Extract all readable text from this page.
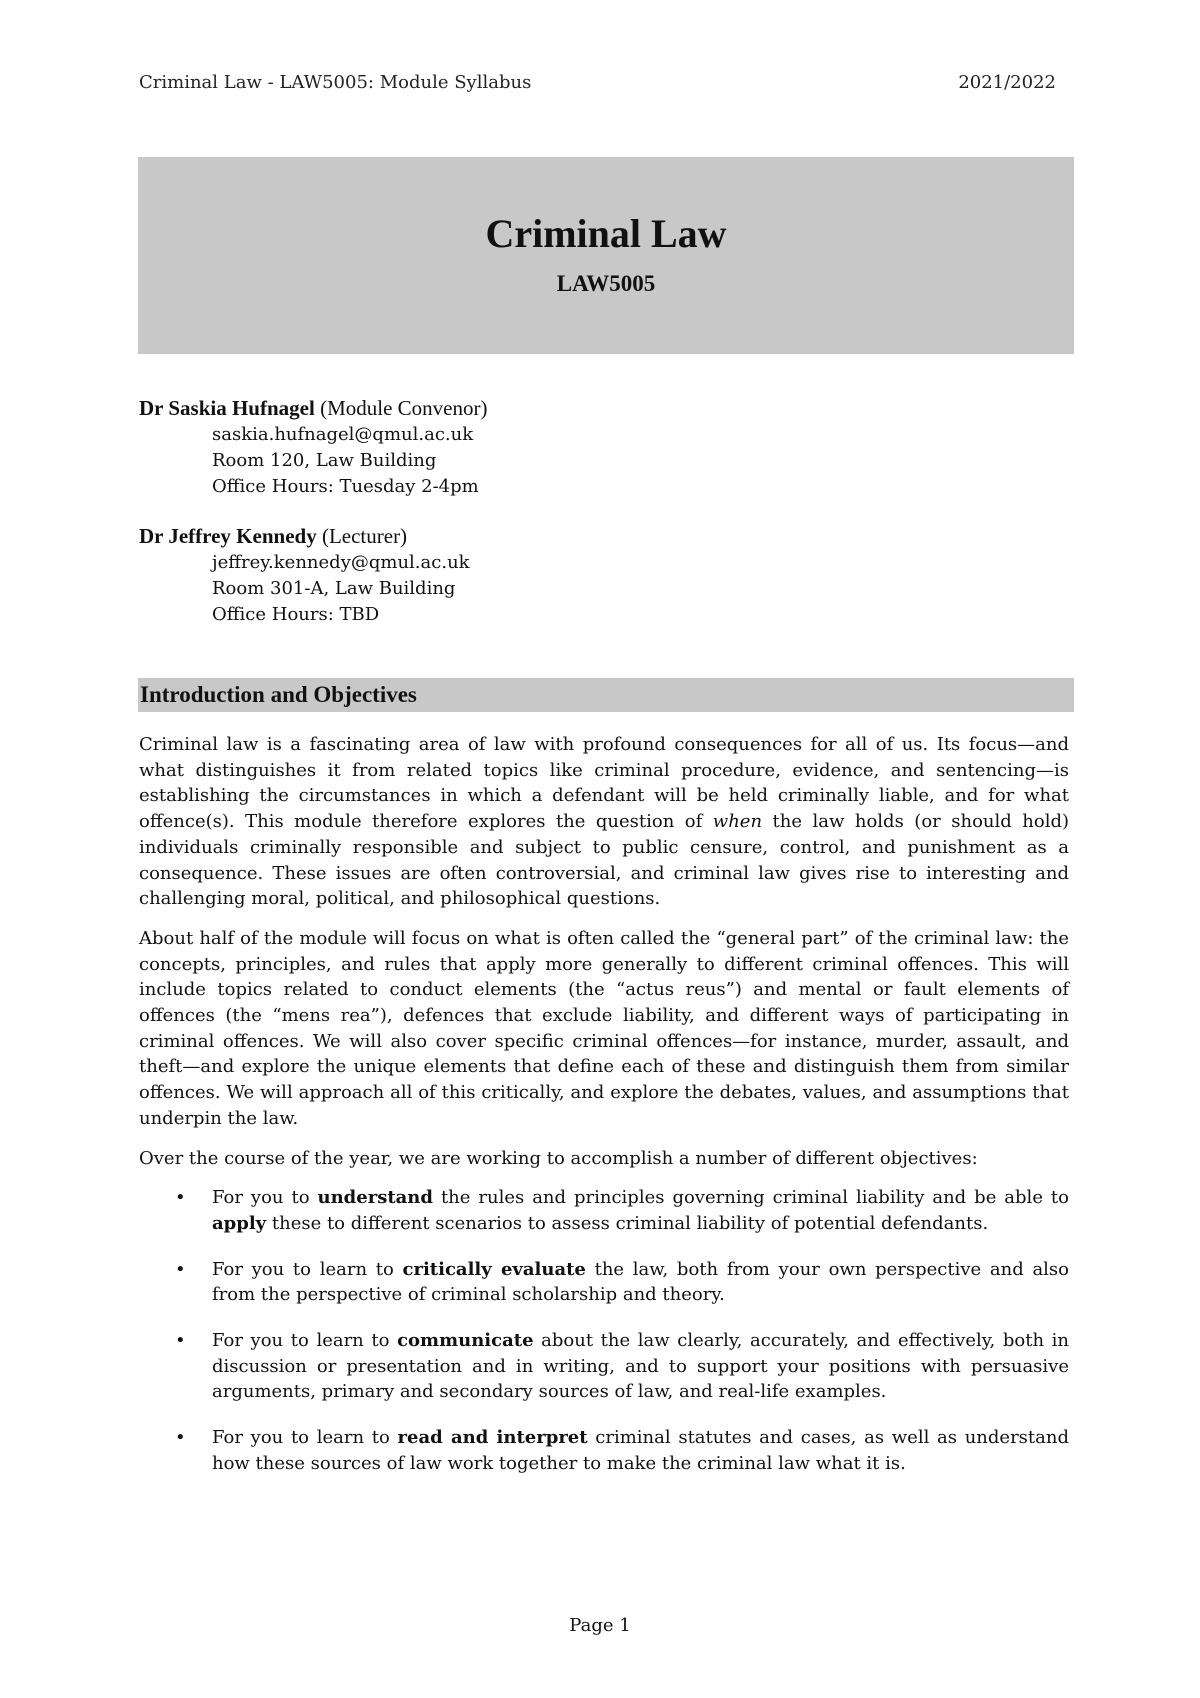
Criminal Law - LAW5005: Module Syllabus	2021/2022
Criminal Law
LAW5005
Dr Saskia Hufnagel (Module Convenor)
saskia.hufnagel@qmul.ac.uk
Room 120, Law Building
Office Hours: Tuesday 2-4pm
Dr Jeffrey Kennedy (Lecturer)
jeffrey.kennedy@qmul.ac.uk
Room 301-A, Law Building
Office Hours: TBD
Introduction and Objectives

Criminal law is a fascinating area of law with profound consequences for all of us. Its focus—and what distinguishes it from related topics like criminal procedure, evidence, and sentencing—is establishing the circumstances in which a defendant will be held criminally liable, and for what offence(s). This module therefore explores the question of when the law holds (or should hold) individuals criminally responsible and subject to public censure, control, and punishment as a consequence. These issues are often controversial, and criminal law gives rise to interesting and challenging moral, political, and philosophical questions.

About half of the module will focus on what is often called the “general part” of the criminal law: the concepts, principles, and rules that apply more generally to different criminal offences. This will include topics related to conduct elements (the “actus reus”) and mental or fault elements of offences (the “mens rea”), defences that exclude liability, and different ways of participating in criminal offences. We will also cover specific criminal offences—for instance, murder, assault, and theft—and explore the unique elements that define each of these and distinguish them from similar offences. We will approach all of this critically, and explore the debates, values, and assumptions that underpin the law.

Over the course of the year, we are working to accomplish a number of different objectives:

• For you to understand the rules and principles governing criminal liability and be able to apply these to different scenarios to assess criminal liability of potential defendants.
• For you to learn to critically evaluate the law, both from your own perspective and also from the perspective of criminal scholarship and theory.
• For you to learn to communicate about the law clearly, accurately, and effectively, both in discussion or presentation and in writing, and to support your positions with persuasive arguments, primary and secondary sources of law, and real-life examples.
• For you to learn to read and interpret criminal statutes and cases, as well as understand how these sources of law work together to make the criminal law what it is.
Page 1
